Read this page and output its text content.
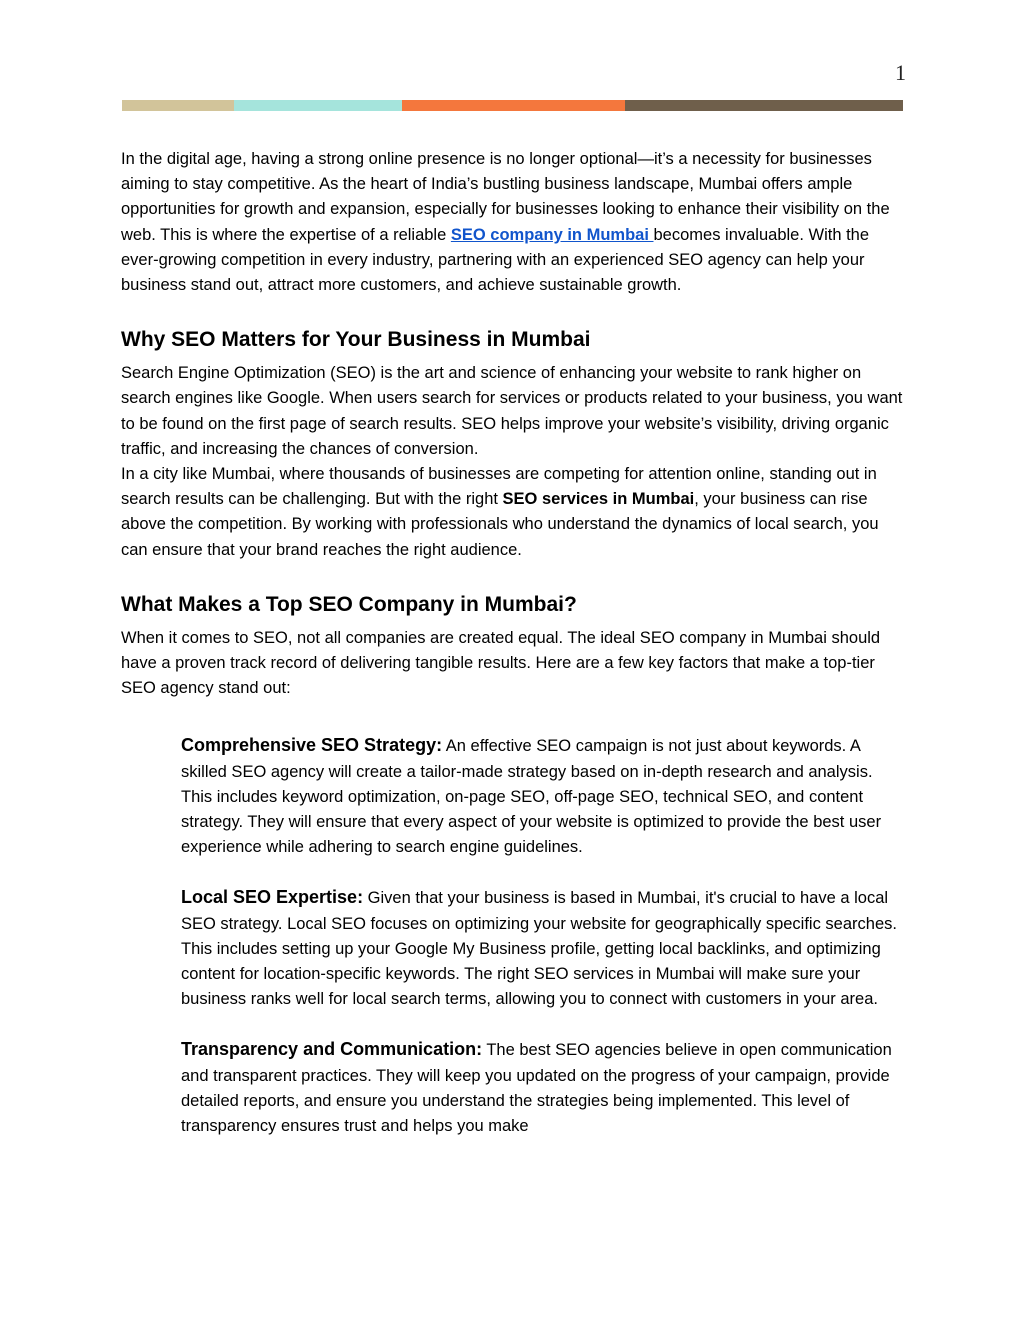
1

In the digital age, having a strong online presence is no longer optional—it’s a necessity for businesses aiming to stay competitive. As the heart of India’s bustling business landscape, Mumbai offers ample opportunities for growth and expansion, especially for businesses looking to enhance their visibility on the web. This is where the expertise of a reliable SEO company in Mumbai becomes invaluable. With the ever-growing competition in every industry, partnering with an experienced SEO agency can help your business stand out, attract more customers, and achieve sustainable growth.

Why SEO Matters for Your Business in Mumbai

Search Engine Optimization (SEO) is the art and science of enhancing your website to rank higher on search engines like Google. When users search for services or products related to your business, you want to be found on the first page of search results. SEO helps improve your website’s visibility, driving organic traffic, and increasing the chances of conversion.

In a city like Mumbai, where thousands of businesses are competing for attention online, standing out in search results can be challenging. But with the right SEO services in Mumbai, your business can rise above the competition. By working with professionals who understand the dynamics of local search, you can ensure that your brand reaches the right audience.

What Makes a Top SEO Company in Mumbai?

When it comes to SEO, not all companies are created equal. The ideal SEO company in Mumbai should have a proven track record of delivering tangible results. Here are a few key factors that make a top-tier SEO agency stand out:

Comprehensive SEO Strategy: An effective SEO campaign is not just about keywords. A skilled SEO agency will create a tailor-made strategy based on in-depth research and analysis. This includes keyword optimization, on-page SEO, off-page SEO, technical SEO, and content strategy. They will ensure that every aspect of your website is optimized to provide the best user experience while adhering to search engine guidelines.

Local SEO Expertise: Given that your business is based in Mumbai, it's crucial to have a local SEO strategy. Local SEO focuses on optimizing your website for geographically specific searches. This includes setting up your Google My Business profile, getting local backlinks, and optimizing content for location-specific keywords. The right SEO services in Mumbai will make sure your business ranks well for local search terms, allowing you to connect with customers in your area.

Transparency and Communication: The best SEO agencies believe in open communication and transparent practices. They will keep you updated on the progress of your campaign, provide detailed reports, and ensure you understand the strategies being implemented. This level of transparency ensures trust and helps you make
